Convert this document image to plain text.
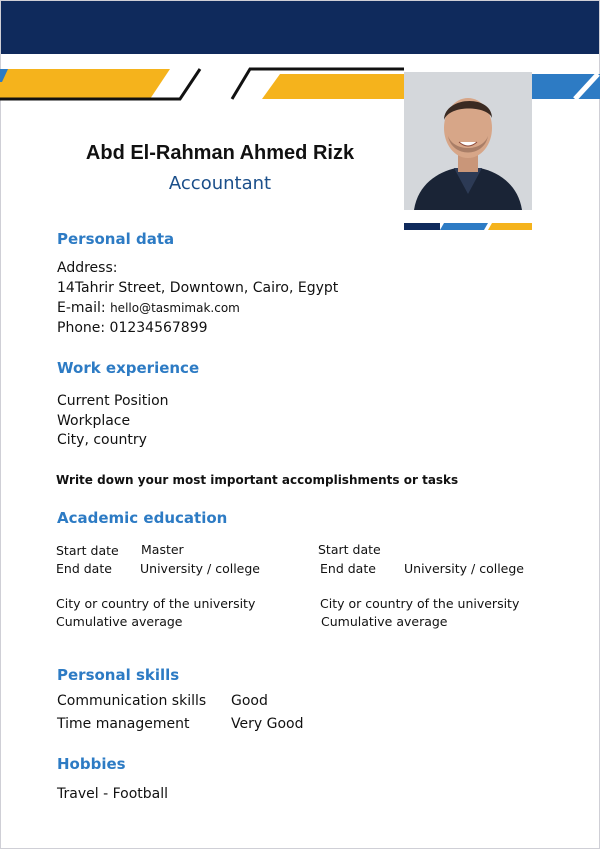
Abd El-Rahman Ahmed Rizk
Accountant
Personal data
Address:
14Tahrir Street, Downtown, Cairo, Egypt
E-mail: hello@tasmimak.com
Phone: 01234567899
Work experience
Current Position
Workplace
City, country
Write down your most important accomplishments or tasks
Academic education
Start date Master
End date University / college
City or country of the university
Cumulative average
Start date
End date University / college
City or country of the university
Cumulative average
Personal skills
Communication skills Good
Time management	Very Good
Hobbies
Travel - Football
